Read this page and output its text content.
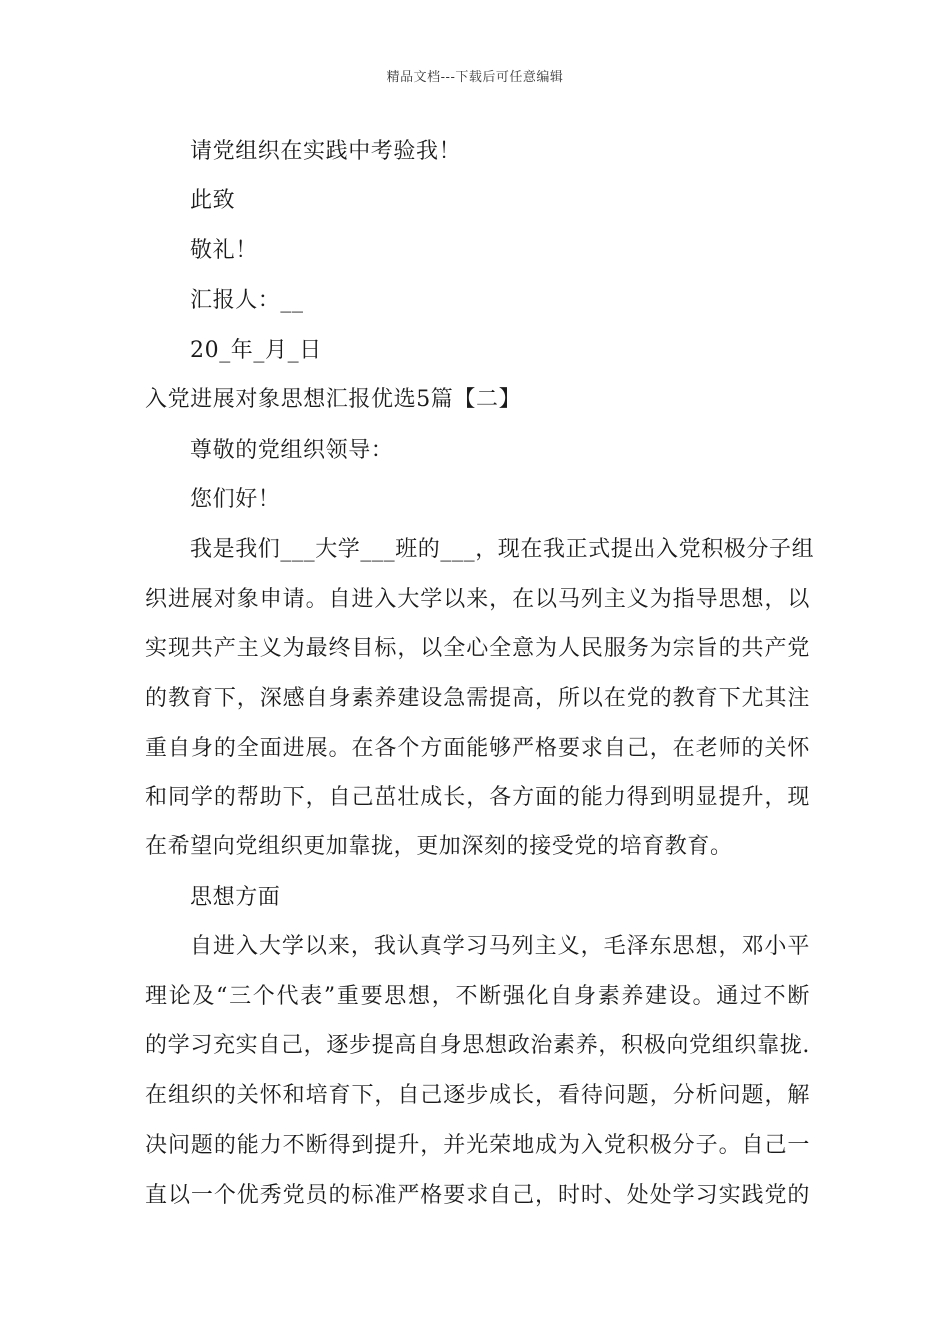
精品文档---下载后可任意编辑
请党组织在实践中考验我！
此致
敬礼！
汇报人：__
20_年_月_日
入党进展对象思想汇报优选5篇【二】
尊敬的党组织领导：
您们好！
我是我们___大学___班的___，现在我正式提出入党积极分子组
织进展对象申请。自进入大学以来，在以马列主义为指导思想，以
实现共产主义为最终目标，以全心全意为人民服务为宗旨的共产党
的教育下，深感自身素养建设急需提高，所以在党的教育下尤其注
重自身的全面进展。在各个方面能够严格要求自己，在老师的关怀
和同学的帮助下，自己茁壮成长，各方面的能力得到明显提升，现
在希望向党组织更加靠拢，更加深刻的接受党的培育教育。
思想方面
自进入大学以来，我认真学习马列主义，毛泽东思想，邓小平
理论及“三个代表”重要思想，不断强化自身素养建设。通过不断
的学习充实自己，逐步提高自身思想政治素养，积极向党组织靠拢.
在组织的关怀和培育下，自己逐步成长，看待问题，分析问题，解
决问题的能力不断得到提升，并光荣地成为入党积极分子。自己一
直以一个优秀党员的标准严格要求自己，时时、处处学习实践党的
